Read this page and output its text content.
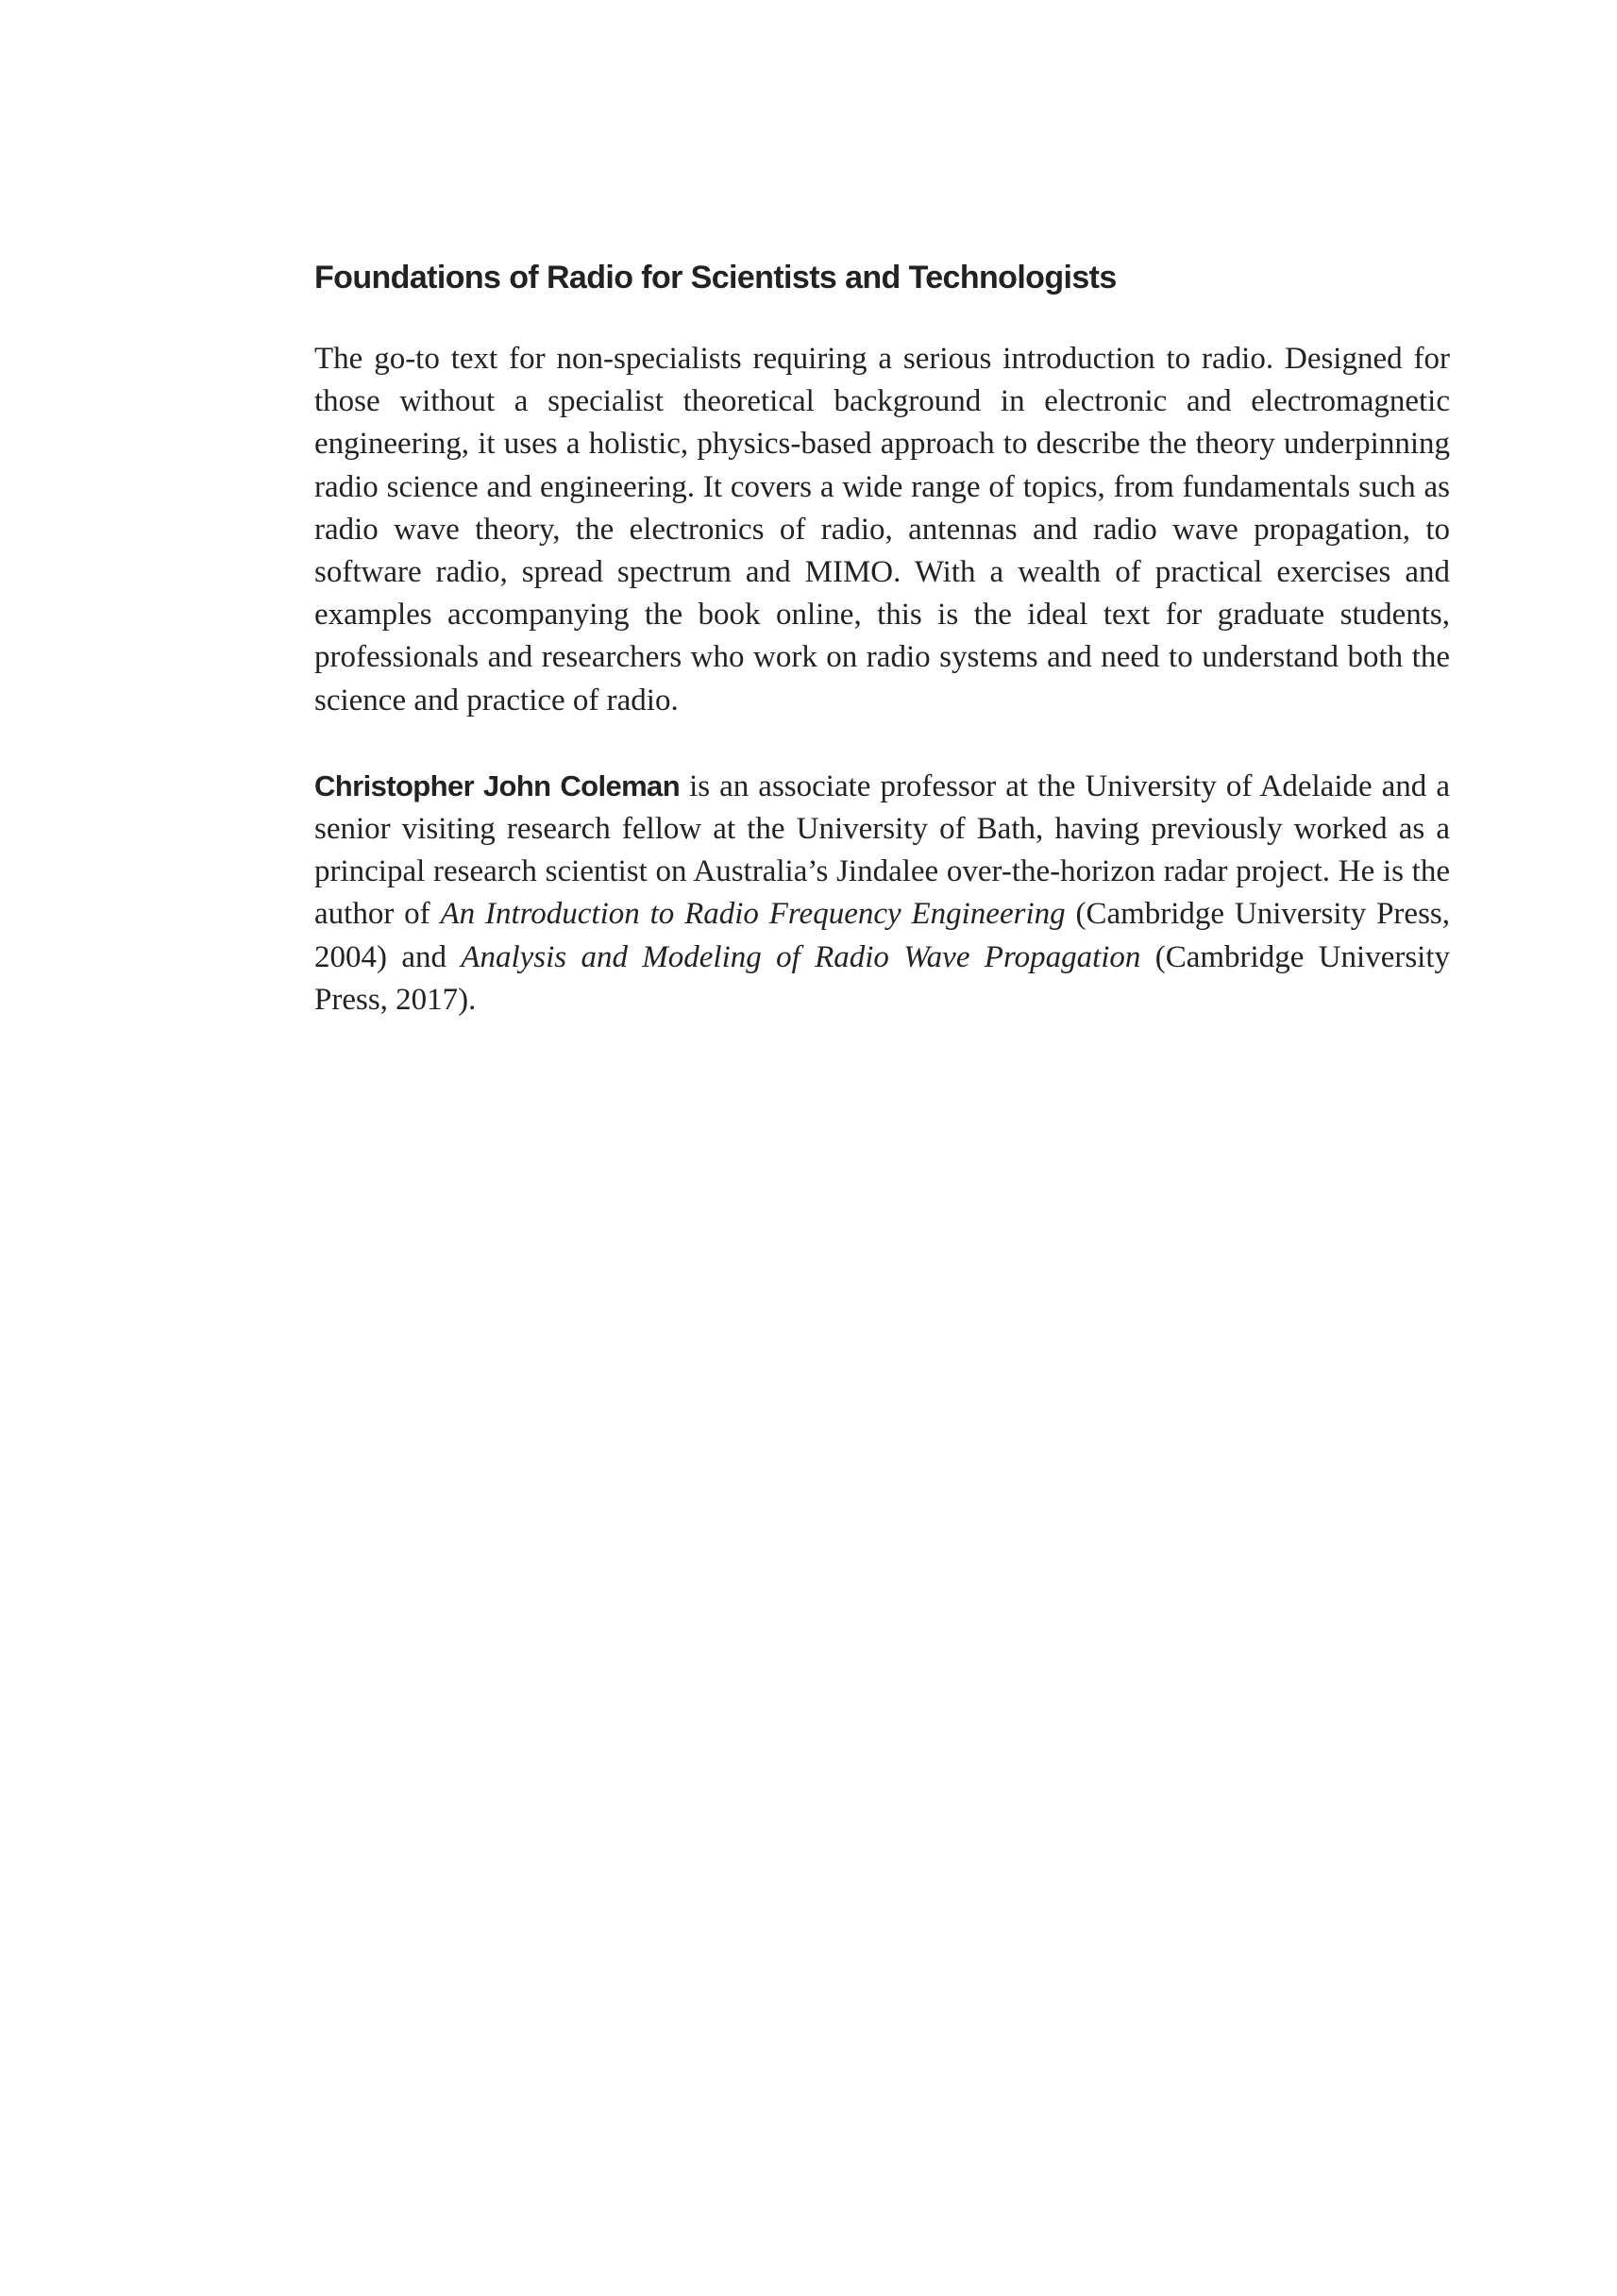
Foundations of Radio for Scientists and Technologists

The go-to text for non-specialists requiring a serious introduction to radio. Designed for those without a specialist theoretical background in electronic and electromagnetic engineering, it uses a holistic, physics-based approach to describe the theory underpinning radio science and engineering. It covers a wide range of topics, from fundamentals such as radio wave theory, the electronics of radio, antennas and radio wave propagation, to software radio, spread spectrum and MIMO. With a wealth of practical exercises and examples accompanying the book online, this is the ideal text for graduate students, professionals and researchers who work on radio systems and need to understand both the science and practice of radio.

Christopher John Coleman is an associate professor at the University of Adelaide and a senior visiting research fellow at the University of Bath, having previously worked as a principal research scientist on Australia’s Jindalee over-the-horizon radar project. He is the author of An Introduction to Radio Frequency Engineering (Cambridge University Press, 2004) and Analysis and Modeling of Radio Wave Propagation (Cambridge University Press, 2017).
